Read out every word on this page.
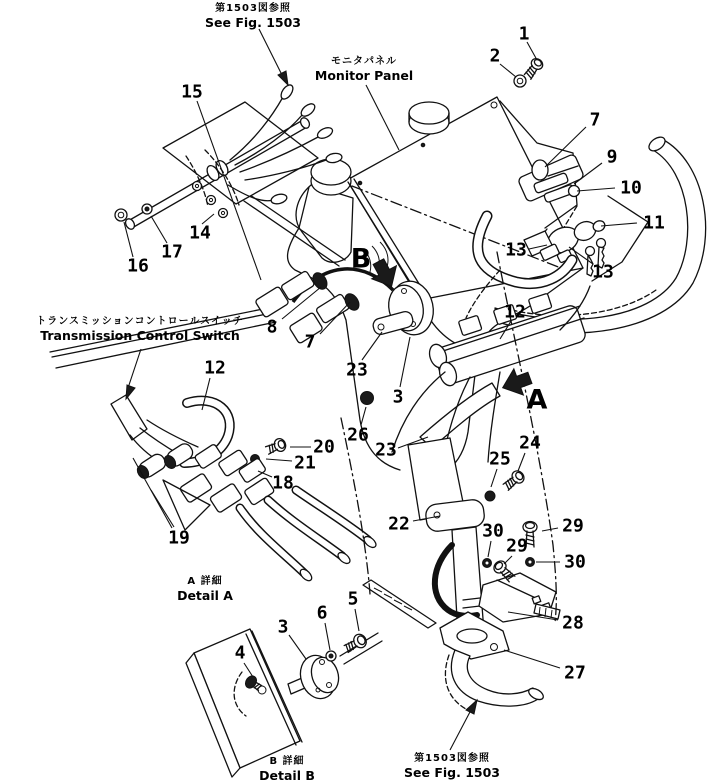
1
2
7
9
10
11
13
13
12
15
14
17
16
8
7
23
3
26
23
20
21
18
12
19
22
24
25
29
30
29
30
28
27
5
6
3
4
B
A
第1503図参照
See Fig. 1503
モニタパネル
Monitor Panel
トランスミッションコントロールスイッチ
Transmission Control Switch
A 詳細
Detail A
B 詳細
Detail B
第1503図参照
See Fig. 1503
